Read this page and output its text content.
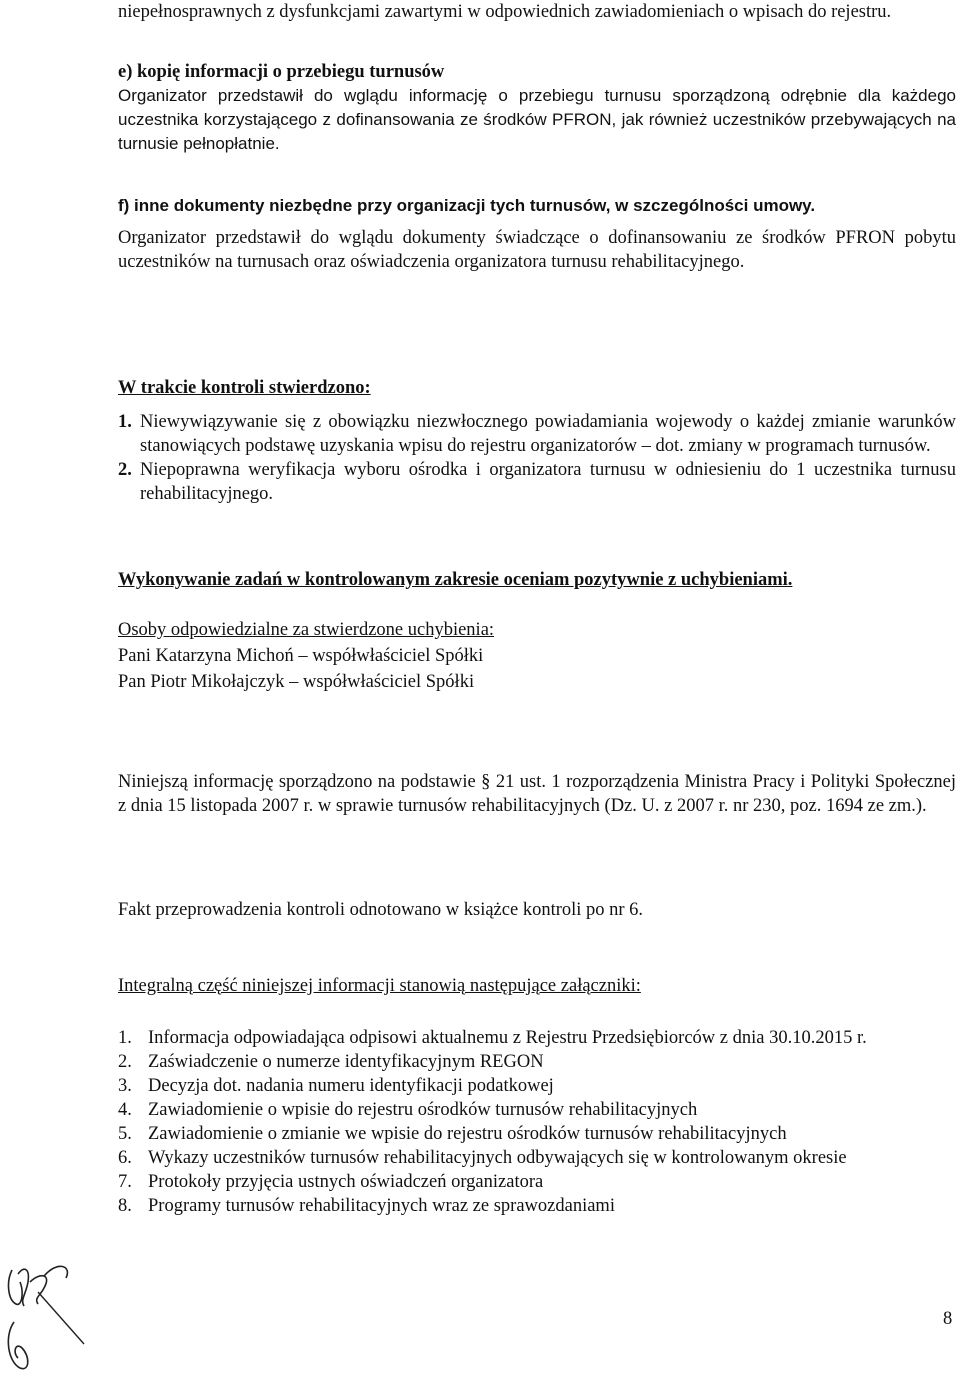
niepełnosprawnych z dysfunkcjami zawartymi w odpowiednich zawiadomieniach o wpisach do rejestru.

e) kopię informacji o przebiegu turnusów

Organizator przedstawił do wglądu informację o przebiegu turnusu sporządzoną odrębnie dla każdego uczestnika korzystającego z dofinansowania ze środków PFRON, jak również uczestników przebywających na turnusie pełnopłatnie.

f) inne dokumenty niezbędne przy organizacji tych turnusów, w szczególności umowy.

Organizator przedstawił do wglądu dokumenty świadczące o dofinansowaniu ze środków PFRON pobytu uczestników na turnusach oraz oświadczenia organizatora turnusu rehabilitacyjnego.

W trakcie kontroli stwierdzono:

1. Niewywiązywanie się z obowiązku niezwłocznego powiadamiania wojewody o każdej zmianie warunków stanowiących podstawę uzyskania wpisu do rejestru organizatorów – dot. zmiany w programach turnusów.
2. Niepoprawna weryfikacja wyboru ośrodka i organizatora turnusu w odniesieniu do 1 uczestnika turnusu rehabilitacyjnego.

Wykonywanie zadań w kontrolowanym zakresie oceniam pozytywnie z uchybieniami.

Osoby odpowiedzialne za stwierdzone uchybienia:

Pani Katarzyna Michoń – współwłaściciel Spółki

Pan Piotr Mikołajczyk – współwłaściciel Spółki

Niniejszą informację sporządzono na podstawie § 21 ust. 1 rozporządzenia Ministra Pracy i Polityki Społecznej z dnia 15 listopada 2007 r. w sprawie turnusów rehabilitacyjnych (Dz. U. z 2007 r. nr 230, poz. 1694 ze zm.).

Fakt przeprowadzenia kontroli odnotowano w książce kontroli po nr 6.

Integralną część niniejszej informacji stanowią następujące załączniki:

1. Informacja odpowiadająca odpisowi aktualnemu z Rejestru Przedsiębiorców z dnia 30.10.2015 r.
2. Zaświadczenie o numerze identyfikacyjnym REGON
3. Decyzja dot. nadania numeru identyfikacji podatkowej
4. Zawiadomienie o wpisie do rejestru ośrodków turnusów rehabilitacyjnych
5. Zawiadomienie o zmianie we wpisie do rejestru ośrodków turnusów rehabilitacyjnych
6. Wykazy uczestników turnusów rehabilitacyjnych odbywających się w kontrolowanym okresie
7. Protokoły przyjęcia ustnych oświadczeń organizatora
8. Programy turnusów rehabilitacyjnych wraz ze sprawozdaniami
8
